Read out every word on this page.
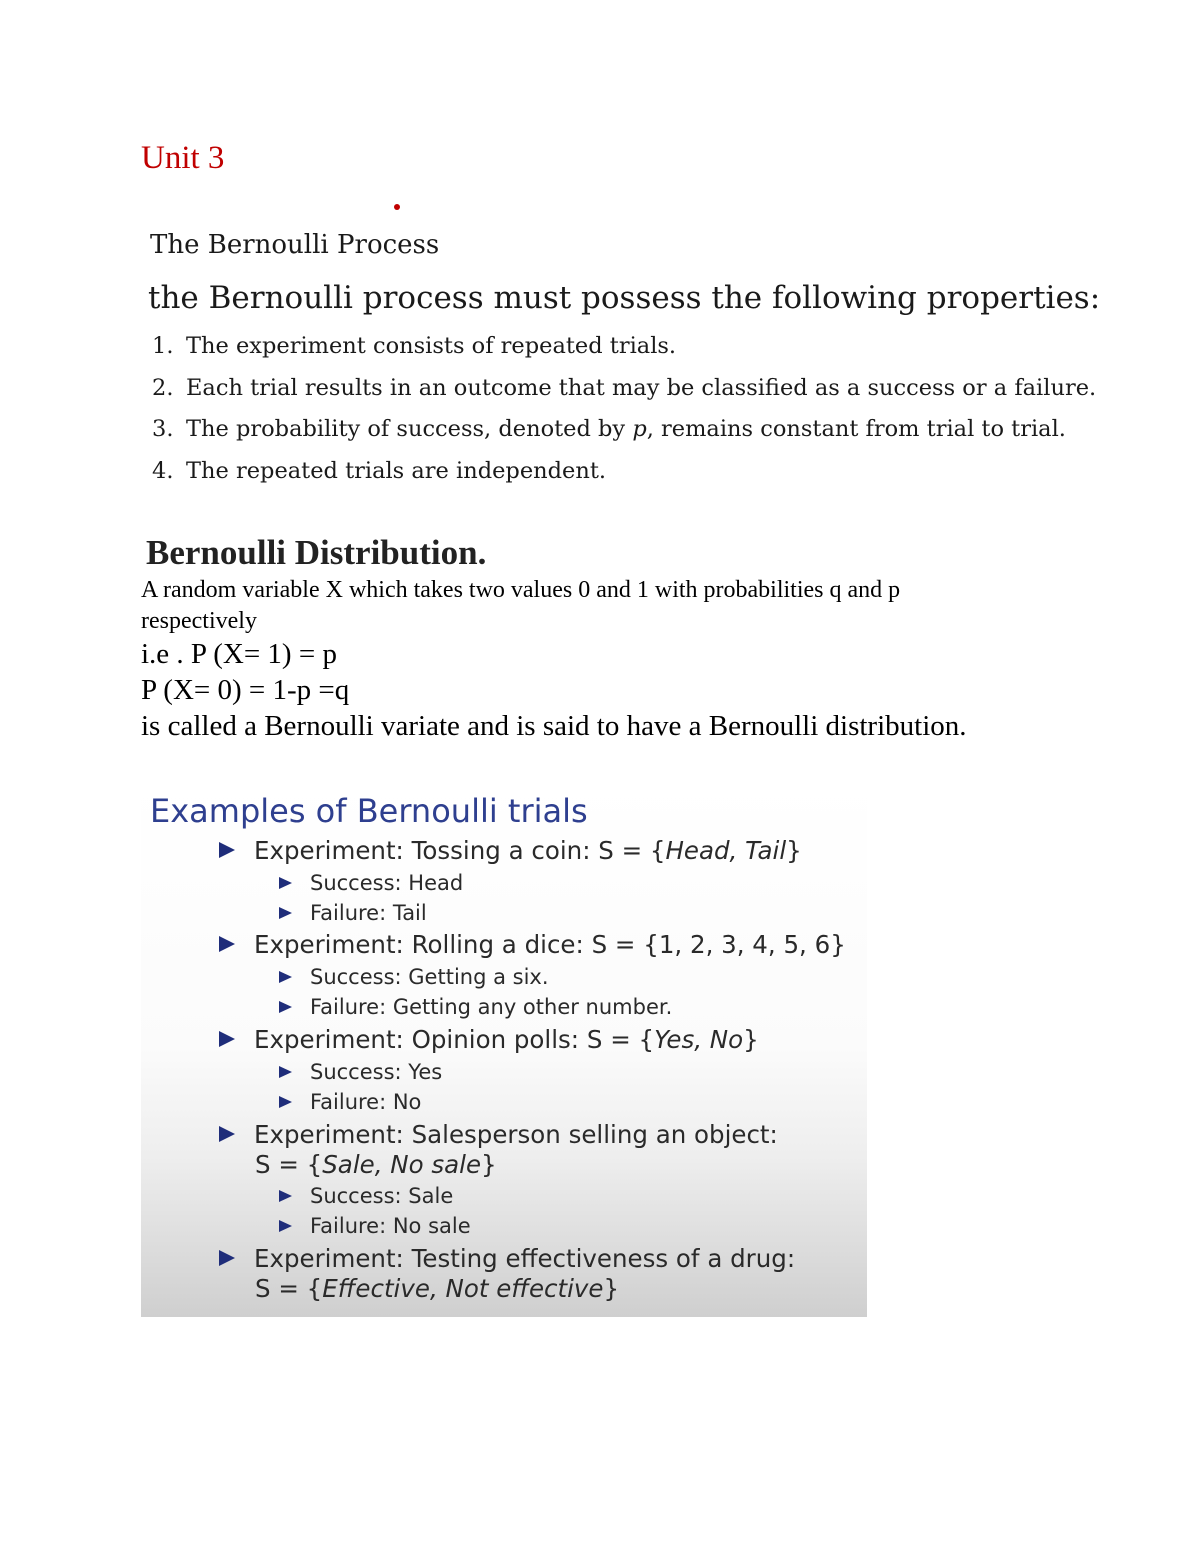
Unit 3
The Bernoulli Process
the Bernoulli process must possess the following properties:
1. The experiment consists of repeated trials.
2. Each trial results in an outcome that may be classified as a success or a failure.
3. The probability of success, denoted by p, remains constant from trial to trial.
4. The repeated trials are independent.
Bernoulli Distribution.
A random variable X which takes two values 0 and 1 with probabilities q and p
respectively
i.e . P (X= 1) = p
P (X= 0) = 1-p =q
is called a Bernoulli variate and is said to have a Bernoulli distribution.
Examples of Bernoulli trials
Experiment: Tossing a coin: S = {Head, Tail}
Success: Head
Failure: Tail
Experiment: Rolling a dice: S = {1, 2, 3, 4, 5, 6}
Success: Getting a six.
Failure: Getting any other number.
Experiment: Opinion polls: S = {Yes, No}
Success: Yes
Failure: No
Experiment: Salesperson selling an object:
S = {Sale, No sale}
Success: Sale
Failure: No sale
Experiment: Testing effectiveness of a drug:
S = {Effective, Not effective}
